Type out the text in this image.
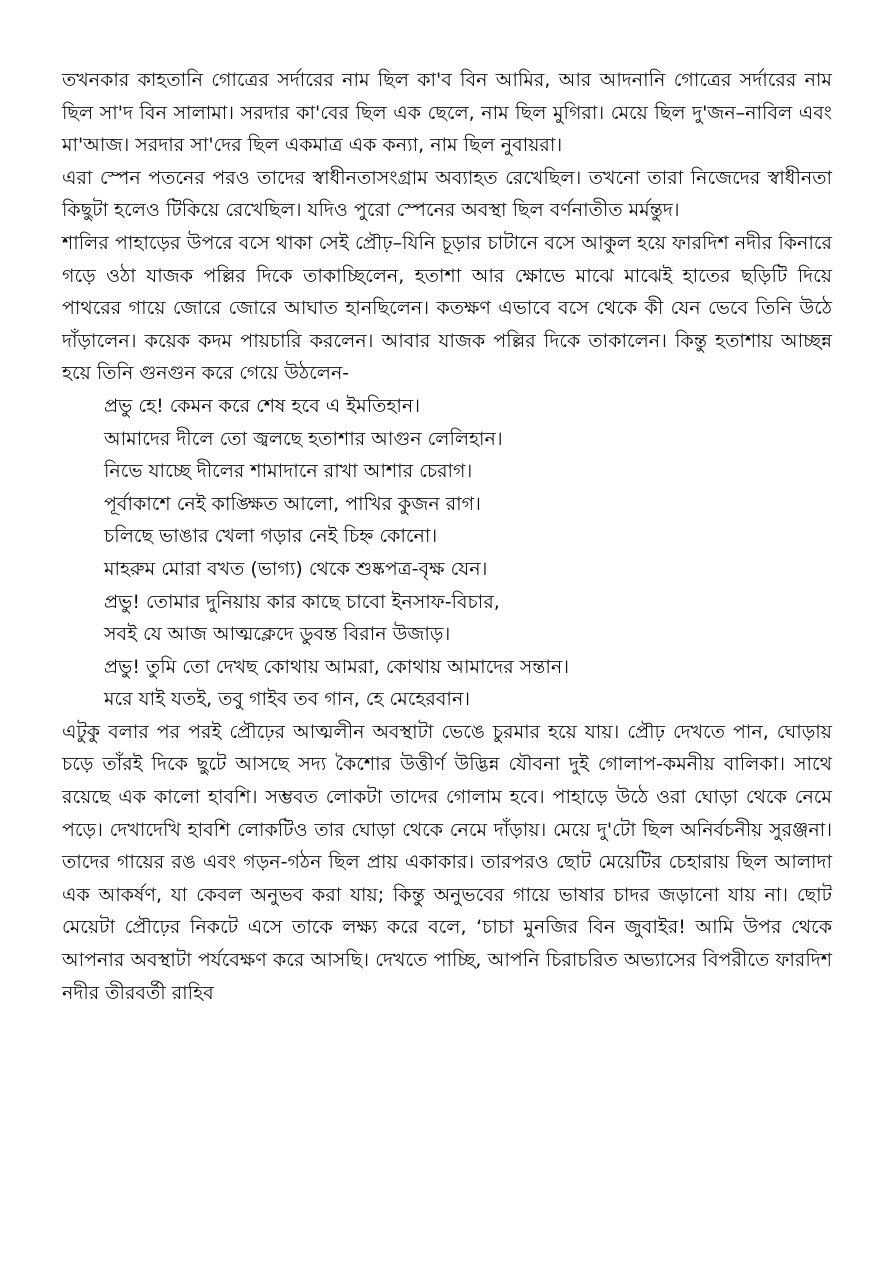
তখনকার কাহতানি গোত্রের সর্দারের নাম ছিল কা'ব বিন আমির, আর আদনানি গোত্রের সর্দারের নাম ছিল সা'দ বিন সালামা। সরদার কা'বের ছিল এক ছেলে, নাম ছিল মুগিরা। মেয়ে ছিল দু'জন–নাবিল এবং মা'আজ। সরদার সা'দের ছিল একমাত্র এক কন্যা, নাম ছিল নুবায়রা।

এরা স্পেন পতনের পরও তাদের স্বাধীনতাসংগ্রাম অব্যাহত রেখেছিল। তখনো তারা নিজেদের স্বাধীনতা কিছুটা হলেও টিকিয়ে রেখেছিল। যদিও পুরো স্পেনের অবস্থা ছিল বর্ণনাতীত মর্মন্তুদ।

শালির পাহাড়ের উপরে বসে থাকা সেই প্রৌঢ়–যিনি চূড়ার চাটানে বসে আকুল হয়ে ফারদিশ নদীর কিনারে গড়ে ওঠা যাজক পল্লির দিকে তাকাচ্ছিলেন, হতাশা আর ক্ষোভে মাঝে মাঝেই হাতের ছড়িটি দিয়ে পাথরের গায়ে জোরে জোরে আঘাত হানছিলেন। কতক্ষণ এভাবে বসে থেকে কী যেন ভেবে তিনি উঠে দাঁড়ালেন। কয়েক কদম পায়চারি করলেন। আবার যাজক পল্লির দিকে তাকালেন। কিন্তু হতাশায় আচ্ছন্ন হয়ে তিনি গুনগুন করে গেয়ে উঠলেন-

প্রভু হে! কেমন করে শেষ হবে এ ইমতিহান।

আমাদের দীলে তো জ্বলছে হতাশার আগুন লেলিহান।

নিভে যাচ্ছে দীলের শামাদানে রাখা আশার চেরাগ।

পূর্বাকাশে নেই কাঙ্ক্ষিত আলো, পাখির কুজন রাগ।

চলিছে ভাঙার খেলা গড়ার নেই চিহ্ন কোনো।

মাহরুম মোরা বখত (ভাগ্য) থেকে শুষ্কপত্র-বৃক্ষ যেন।

প্রভু! তোমার দুনিয়ায় কার কাছে চাবো ইনসাফ-বিচার,

সবই যে আজ আত্মক্লেদে ডুবন্ত বিরান উজাড়।

প্রভু! তুমি তো দেখছ কোথায় আমরা, কোথায় আমাদের সন্তান।

মরে যাই যতই, তবু গাইব তব গান, হে মেহেরবান।

এটুকু বলার পর পরই প্রৌঢ়ের আত্মলীন অবস্থাটা ভেঙে চুরমার হয়ে যায়। প্রৌঢ় দেখতে পান, ঘোড়ায় চড়ে তাঁরই দিকে ছুটে আসছে সদ্য কৈশোর উত্তীর্ণ উদ্ভিন্ন যৌবনা দুই গোলাপ-কমনীয় বালিকা। সাথে রয়েছে এক কালো হাবশি। সম্ভবত লোকটা তাদের গোলাম হবে। পাহাড়ে উঠে ওরা ঘোড়া থেকে নেমে পড়ে। দেখাদেখি হাবশি লোকটিও তার ঘোড়া থেকে নেমে দাঁড়ায়। মেয়ে দু'টো ছিল অনির্বচনীয় সুরঞ্জনা। তাদের গায়ের রঙ এবং গড়ন-গঠন ছিল প্রায় একাকার। তারপরও ছোট মেয়েটির চেহারায় ছিল আলাদা এক আকর্ষণ, যা কেবল অনুভব করা যায়; কিন্তু অনুভবের গায়ে ভাষার চাদর জড়ানো যায় না। ছোট মেয়েটা প্রৌঢ়ের নিকটে এসে তাকে লক্ষ্য করে বলে, ‘চাচা মুনজির বিন জুবাইর! আমি উপর থেকে আপনার অবস্থাটা পর্যবেক্ষণ করে আসছি। দেখতে পাচ্ছি, আপনি চিরাচরিত অভ্যাসের বিপরীতে ফারদিশ নদীর তীরবর্তী রাহিব
